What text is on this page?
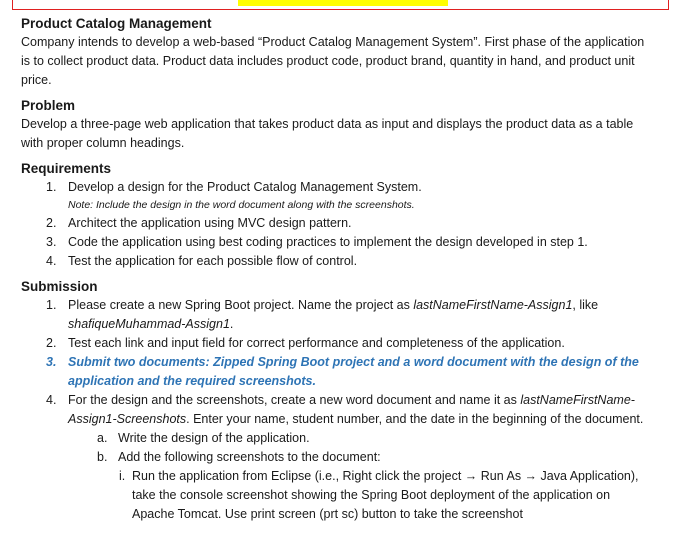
Product Catalog Management

Company intends to develop a web-based “Product Catalog Management System”. First phase of the application is to collect product data. Product data includes product code, product brand, quantity in hand, and product unit price.

Problem

Develop a three-page web application that takes product data as input and displays the product data as a table with proper column headings.

Requirements
1. Develop a design for the Product Catalog Management System.
Note: Include the design in the word document along with the screenshots.
2. Architect the application using MVC design pattern.
3. Code the application using best coding practices to implement the design developed in step 1.
4. Test the application for each possible flow of control.
Submission
1. Please create a new Spring Boot project. Name the project as lastNameFirstName-Assign1, like shafiqueMuhammad-Assign1.
2. Test each link and input field for correct performance and completeness of the application.
3. Submit two documents: Zipped Spring Boot project and a word document with the design of the application and the required screenshots.
4. For the design and the screenshots, create a new word document and name it as lastNameFirstName-Assign1-Screenshots. Enter your name, student number, and the date in the beginning of the document.
a. Write the design of the application.
b. Add the following screenshots to the document:
i. Run the application from Eclipse (i.e., Right click the project → Run As → Java Application), take the console screenshot showing the Spring Boot deployment of the application on Apache Tomcat. Use print screen (prt sc) button to take the screenshot
